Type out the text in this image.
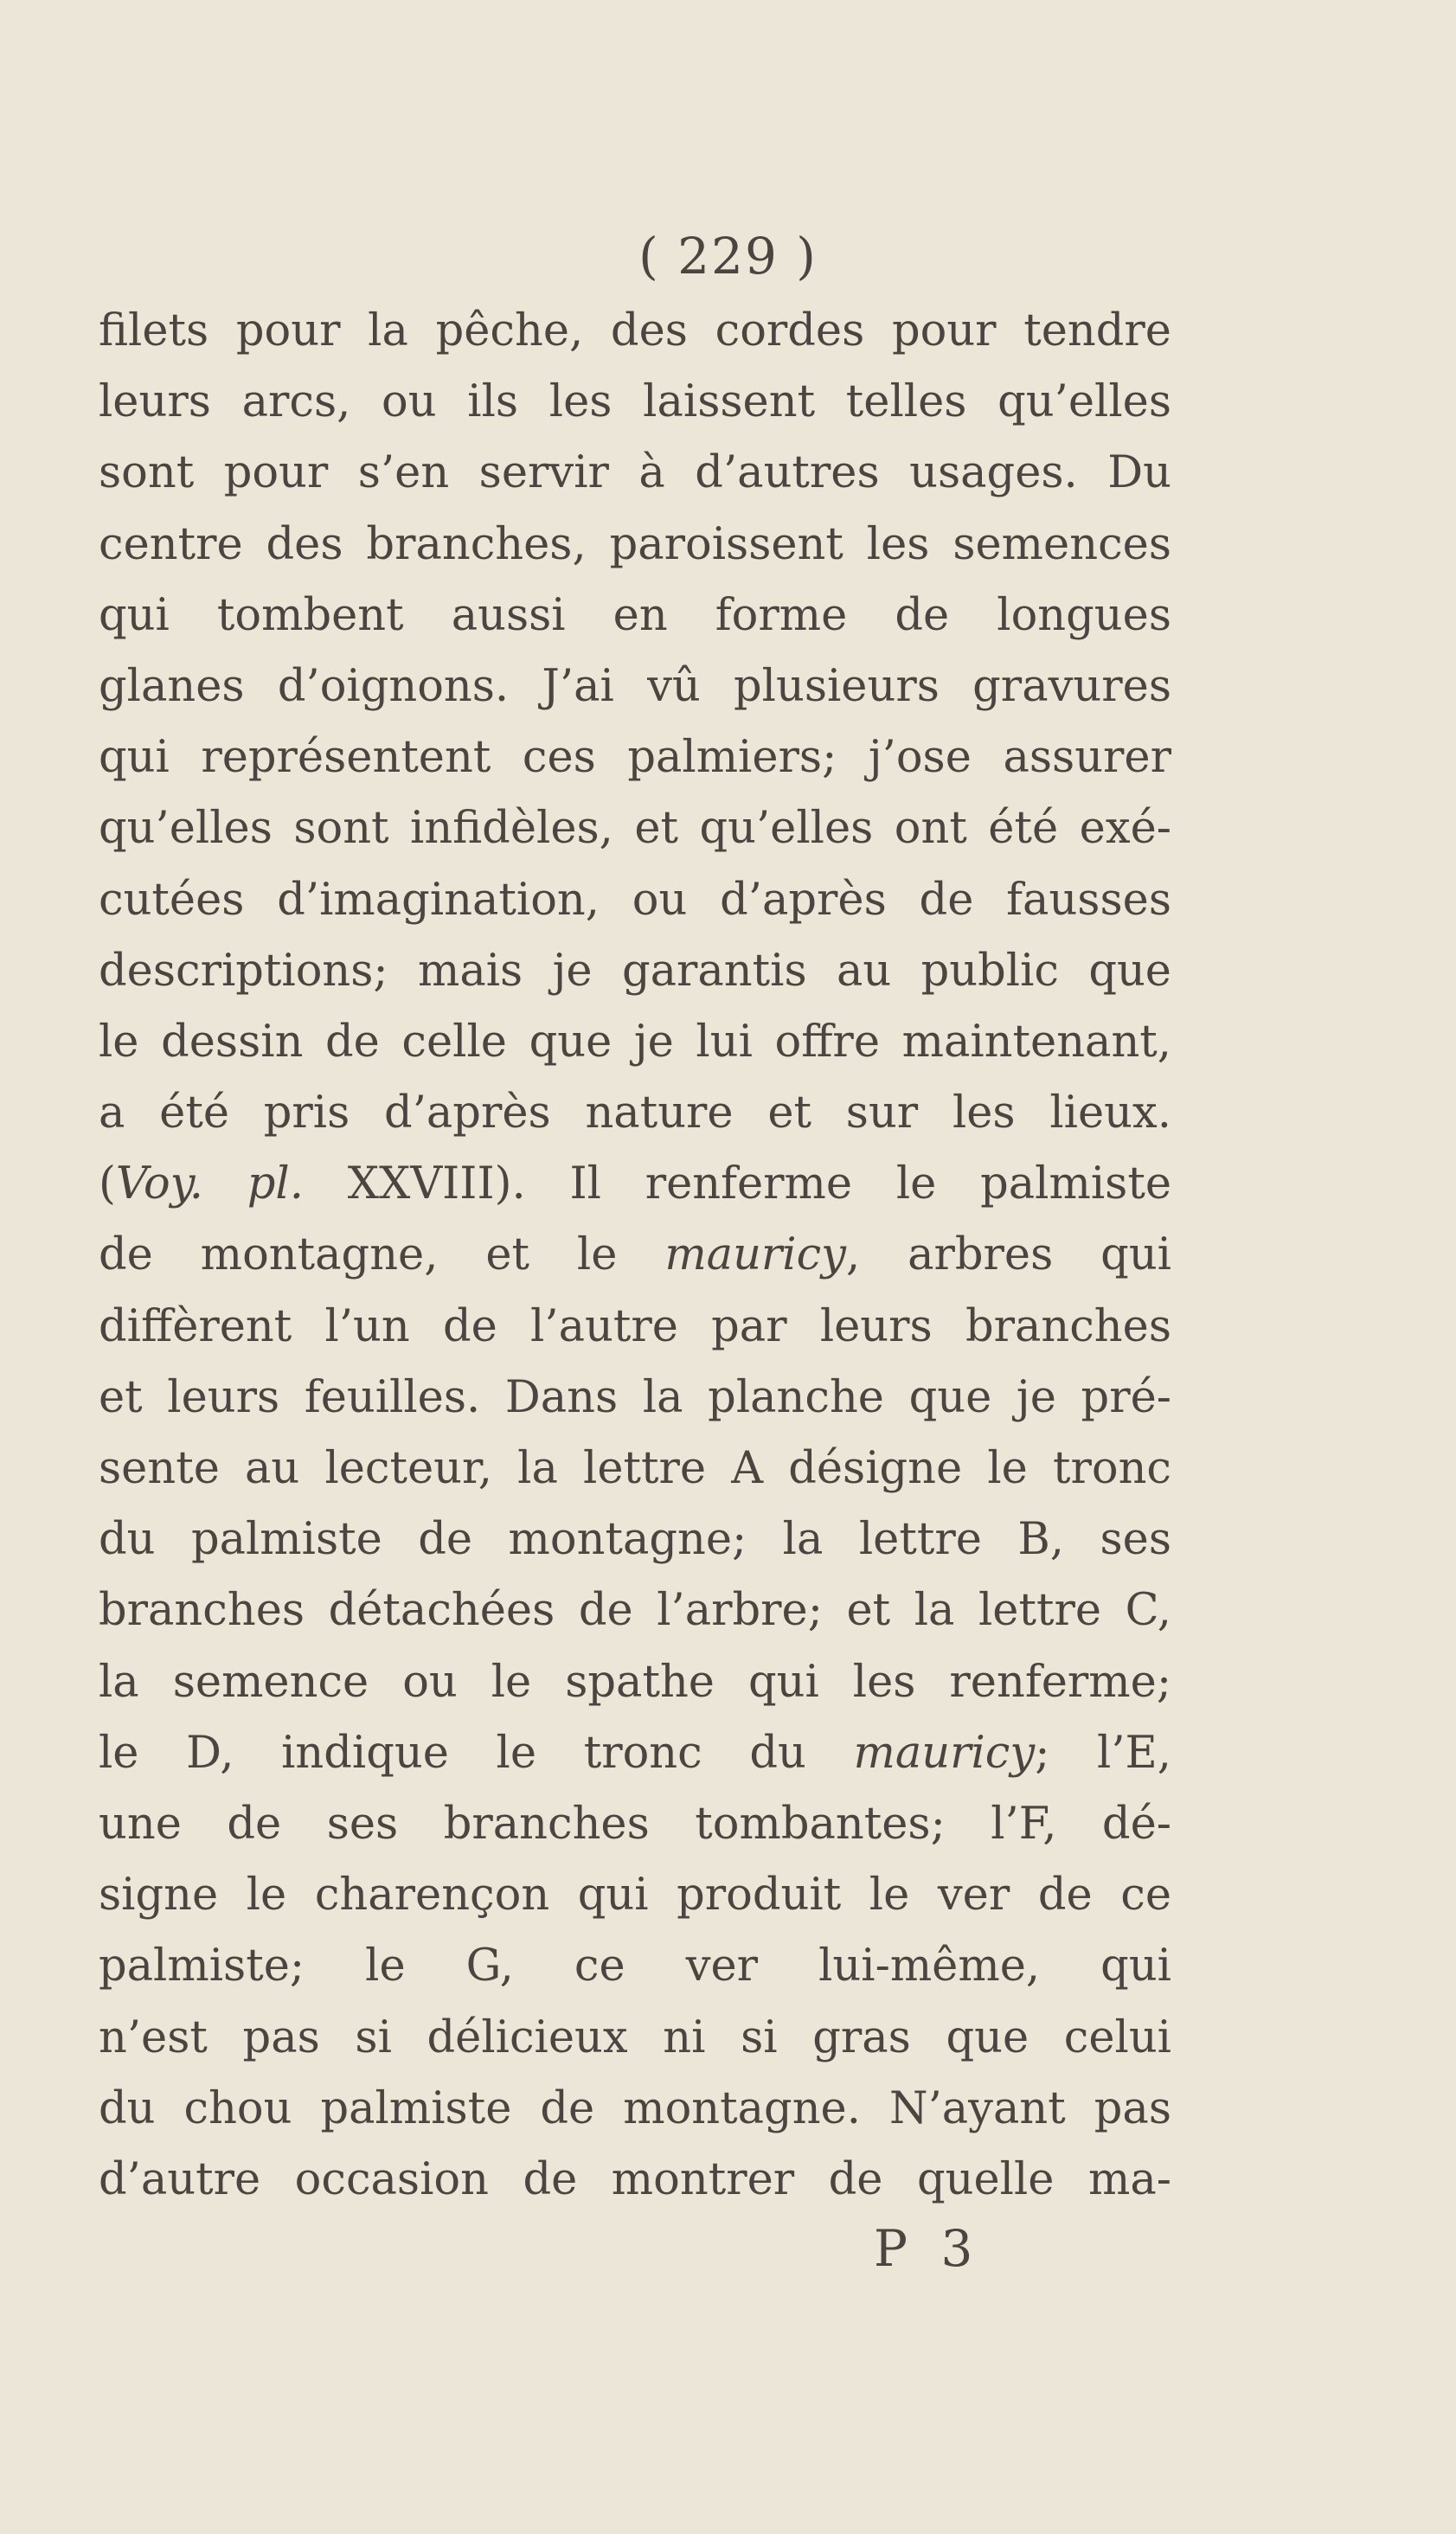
( 229 )
filets pour la pêche, des cordes pour tendre
leurs arcs, ou ils les laissent telles qu’elles
sont pour s’en servir à d’autres usages. Du
centre des branches, paroissent les semences
qui tombent aussi en forme de longues
glanes d’oignons. J’ai vû plusieurs gravures
qui représentent ces palmiers; j’ose assurer
qu’elles sont infidèles, et qu’elles ont été exé-
cutées d’imagination, ou d’après de fausses
descriptions; mais je garantis au public que
le dessin de celle que je lui offre maintenant,
a été pris d’après nature et sur les lieux.
(Voy. pl. XXVIII). Il renferme le palmiste
de montagne, et le mauricy, arbres qui
diffèrent l’un de l’autre par leurs branches
et leurs feuilles. Dans la planche que je pré-
sente au lecteur, la lettre A désigne le tronc
du palmiste de montagne; la lettre B, ses
branches détachées de l’arbre; et la lettre C,
la semence ou le spathe qui les renferme;
le D, indique le tronc du mauricy; l’E,
une de ses branches tombantes; l’F, dé-
signe le charençon qui produit le ver de ce
palmiste; le G, ce ver lui-même, qui
n’est pas si délicieux ni si gras que celui
du chou palmiste de montagne. N’ayant pas
d’autre occasion de montrer de quelle ma-
P 3
